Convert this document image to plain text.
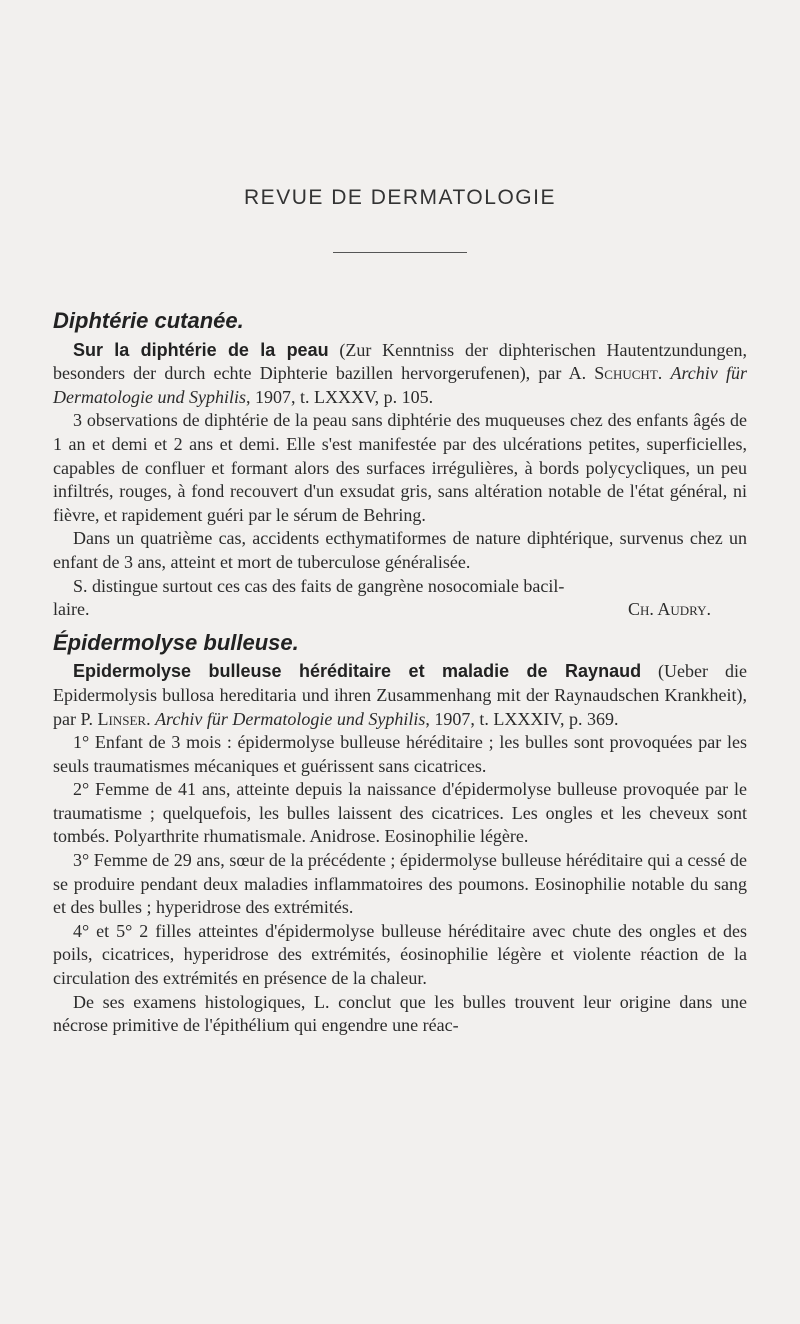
REVUE DE DERMATOLOGIE
Diphtérie cutanée.

Sur la diphtérie de la peau (Zur Kenntniss der diphterischen Hautentzundungen, besonders der durch echte Diphterie bazillen hervorgerufenen), par A. Schucht. Archiv für Dermatologie und Syphilis, 1907, t. LXXXV, p. 105.

3 observations de diphtérie de la peau sans diphtérie des muqueuses chez des enfants âgés de 1 an et demi et 2 ans et demi. Elle s'est manifestée par des ulcérations petites, superficielles, capables de confluer et formant alors des surfaces irrégulières, à bords polycycliques, un peu infiltrés, rouges, à fond recouvert d'un exsudat gris, sans altération notable de l'état général, ni fièvre, et rapidement guéri par le sérum de Behring.

Dans un quatrième cas, accidents ecthymatiformes de nature diphtérique, survenus chez un enfant de 3 ans, atteint et mort de tuberculose généralisée.

S. distingue surtout ces cas des faits de gangrène nosocomiale bacil-

laire.	Ch. Audry.
Épidermolyse bulleuse.

Epidermolyse bulleuse héréditaire et maladie de Raynaud (Ueber die Epidermolysis bullosa hereditaria und ihren Zusammenhang mit der Raynaudschen Krankheit), par P. Linser. Archiv für Dermatologie und Syphilis, 1907, t. LXXXIV, p. 369.

1° Enfant de 3 mois : épidermolyse bulleuse héréditaire ; les bulles sont provoquées par les seuls traumatismes mécaniques et guérissent sans cicatrices.

2° Femme de 41 ans, atteinte depuis la naissance d'épidermolyse bulleuse provoquée par le traumatisme ; quelquefois, les bulles laissent des cicatrices. Les ongles et les cheveux sont tombés. Polyarthrite rhumatismale. Anidrose. Eosinophilie légère.

3° Femme de 29 ans, sœur de la précédente ; épidermolyse bulleuse héréditaire qui a cessé de se produire pendant deux maladies inflammatoires des poumons. Eosinophilie notable du sang et des bulles ; hyperidrose des extrémités.

4° et 5° 2 filles atteintes d'épidermolyse bulleuse héréditaire avec chute des ongles et des poils, cicatrices, hyperidrose des extrémités, éosinophilie légère et violente réaction de la circulation des extrémités en présence de la chaleur.

De ses examens histologiques, L. conclut que les bulles trouvent leur origine dans une nécrose primitive de l'épithélium qui engendre une réac-
